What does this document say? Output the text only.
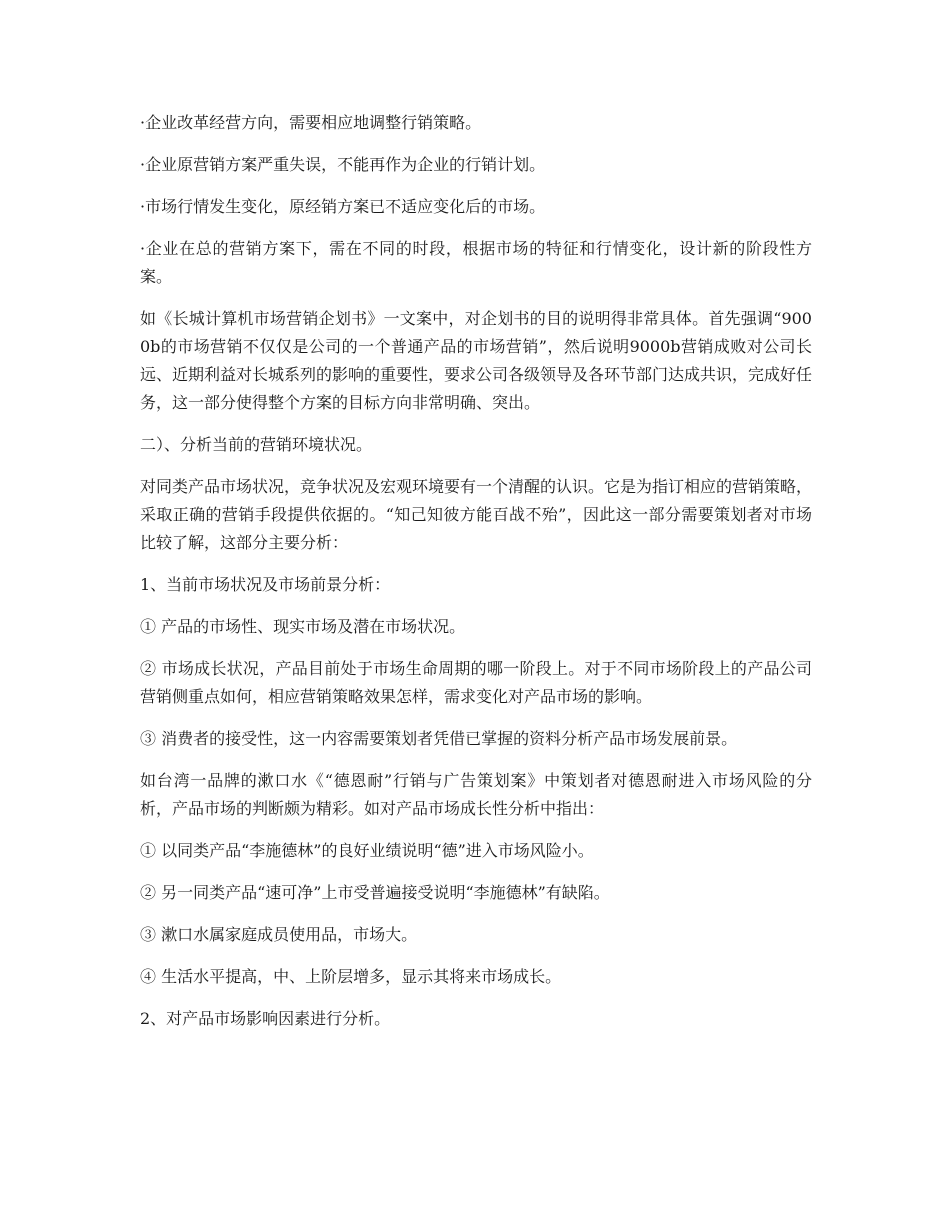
·企业改革经营方向，需要相应地调整行销策略。

·企业原营销方案严重失误，不能再作为企业的行销计划。

·市场行情发生变化，原经销方案已不适应变化后的市场。

·企业在总的营销方案下，需在不同的时段，根据市场的特征和行情变化，设计新的阶段性方案。

如《长城计算机市场营销企划书》一文案中，对企划书的目的说明得非常具体。首先强调“9000b的市场营销不仅仅是公司的一个普通产品的市场营销”，然后说明9000b营销成败对公司长远、近期利益对长城系列的影响的重要性，要求公司各级领导及各环节部门达成共识，完成好任务，这一部分使得整个方案的目标方向非常明确、突出。

二）、分析当前的营销环境状况。

对同类产品市场状况，竞争状况及宏观环境要有一个清醒的认识。它是为指订相应的营销策略，采取正确的营销手段提供依据的。“知己知彼方能百战不殆”，因此这一部分需要策划者对市场比较了解，这部分主要分析：

1、当前市场状况及市场前景分析：

① 产品的市场性、现实市场及潜在市场状况。

② 市场成长状况，产品目前处于市场生命周期的哪一阶段上。对于不同市场阶段上的产品公司营销侧重点如何，相应营销策略效果怎样，需求变化对产品市场的影响。

③ 消费者的接受性，这一内容需要策划者凭借已掌握的资料分析产品市场发展前景。

如台湾一品牌的漱口水《“德恩耐”行销与广告策划案》中策划者对德恩耐进入市场风险的分析，产品市场的判断颇为精彩。如对产品市场成长性分析中指出：

① 以同类产品“李施德林”的良好业绩说明“德”进入市场风险小。

② 另一同类产品“速可净”上市受普遍接受说明“李施德林”有缺陷。

③ 漱口水属家庭成员使用品，市场大。

④ 生活水平提高，中、上阶层增多，显示其将来市场成长。

2、对产品市场影响因素进行分析。
